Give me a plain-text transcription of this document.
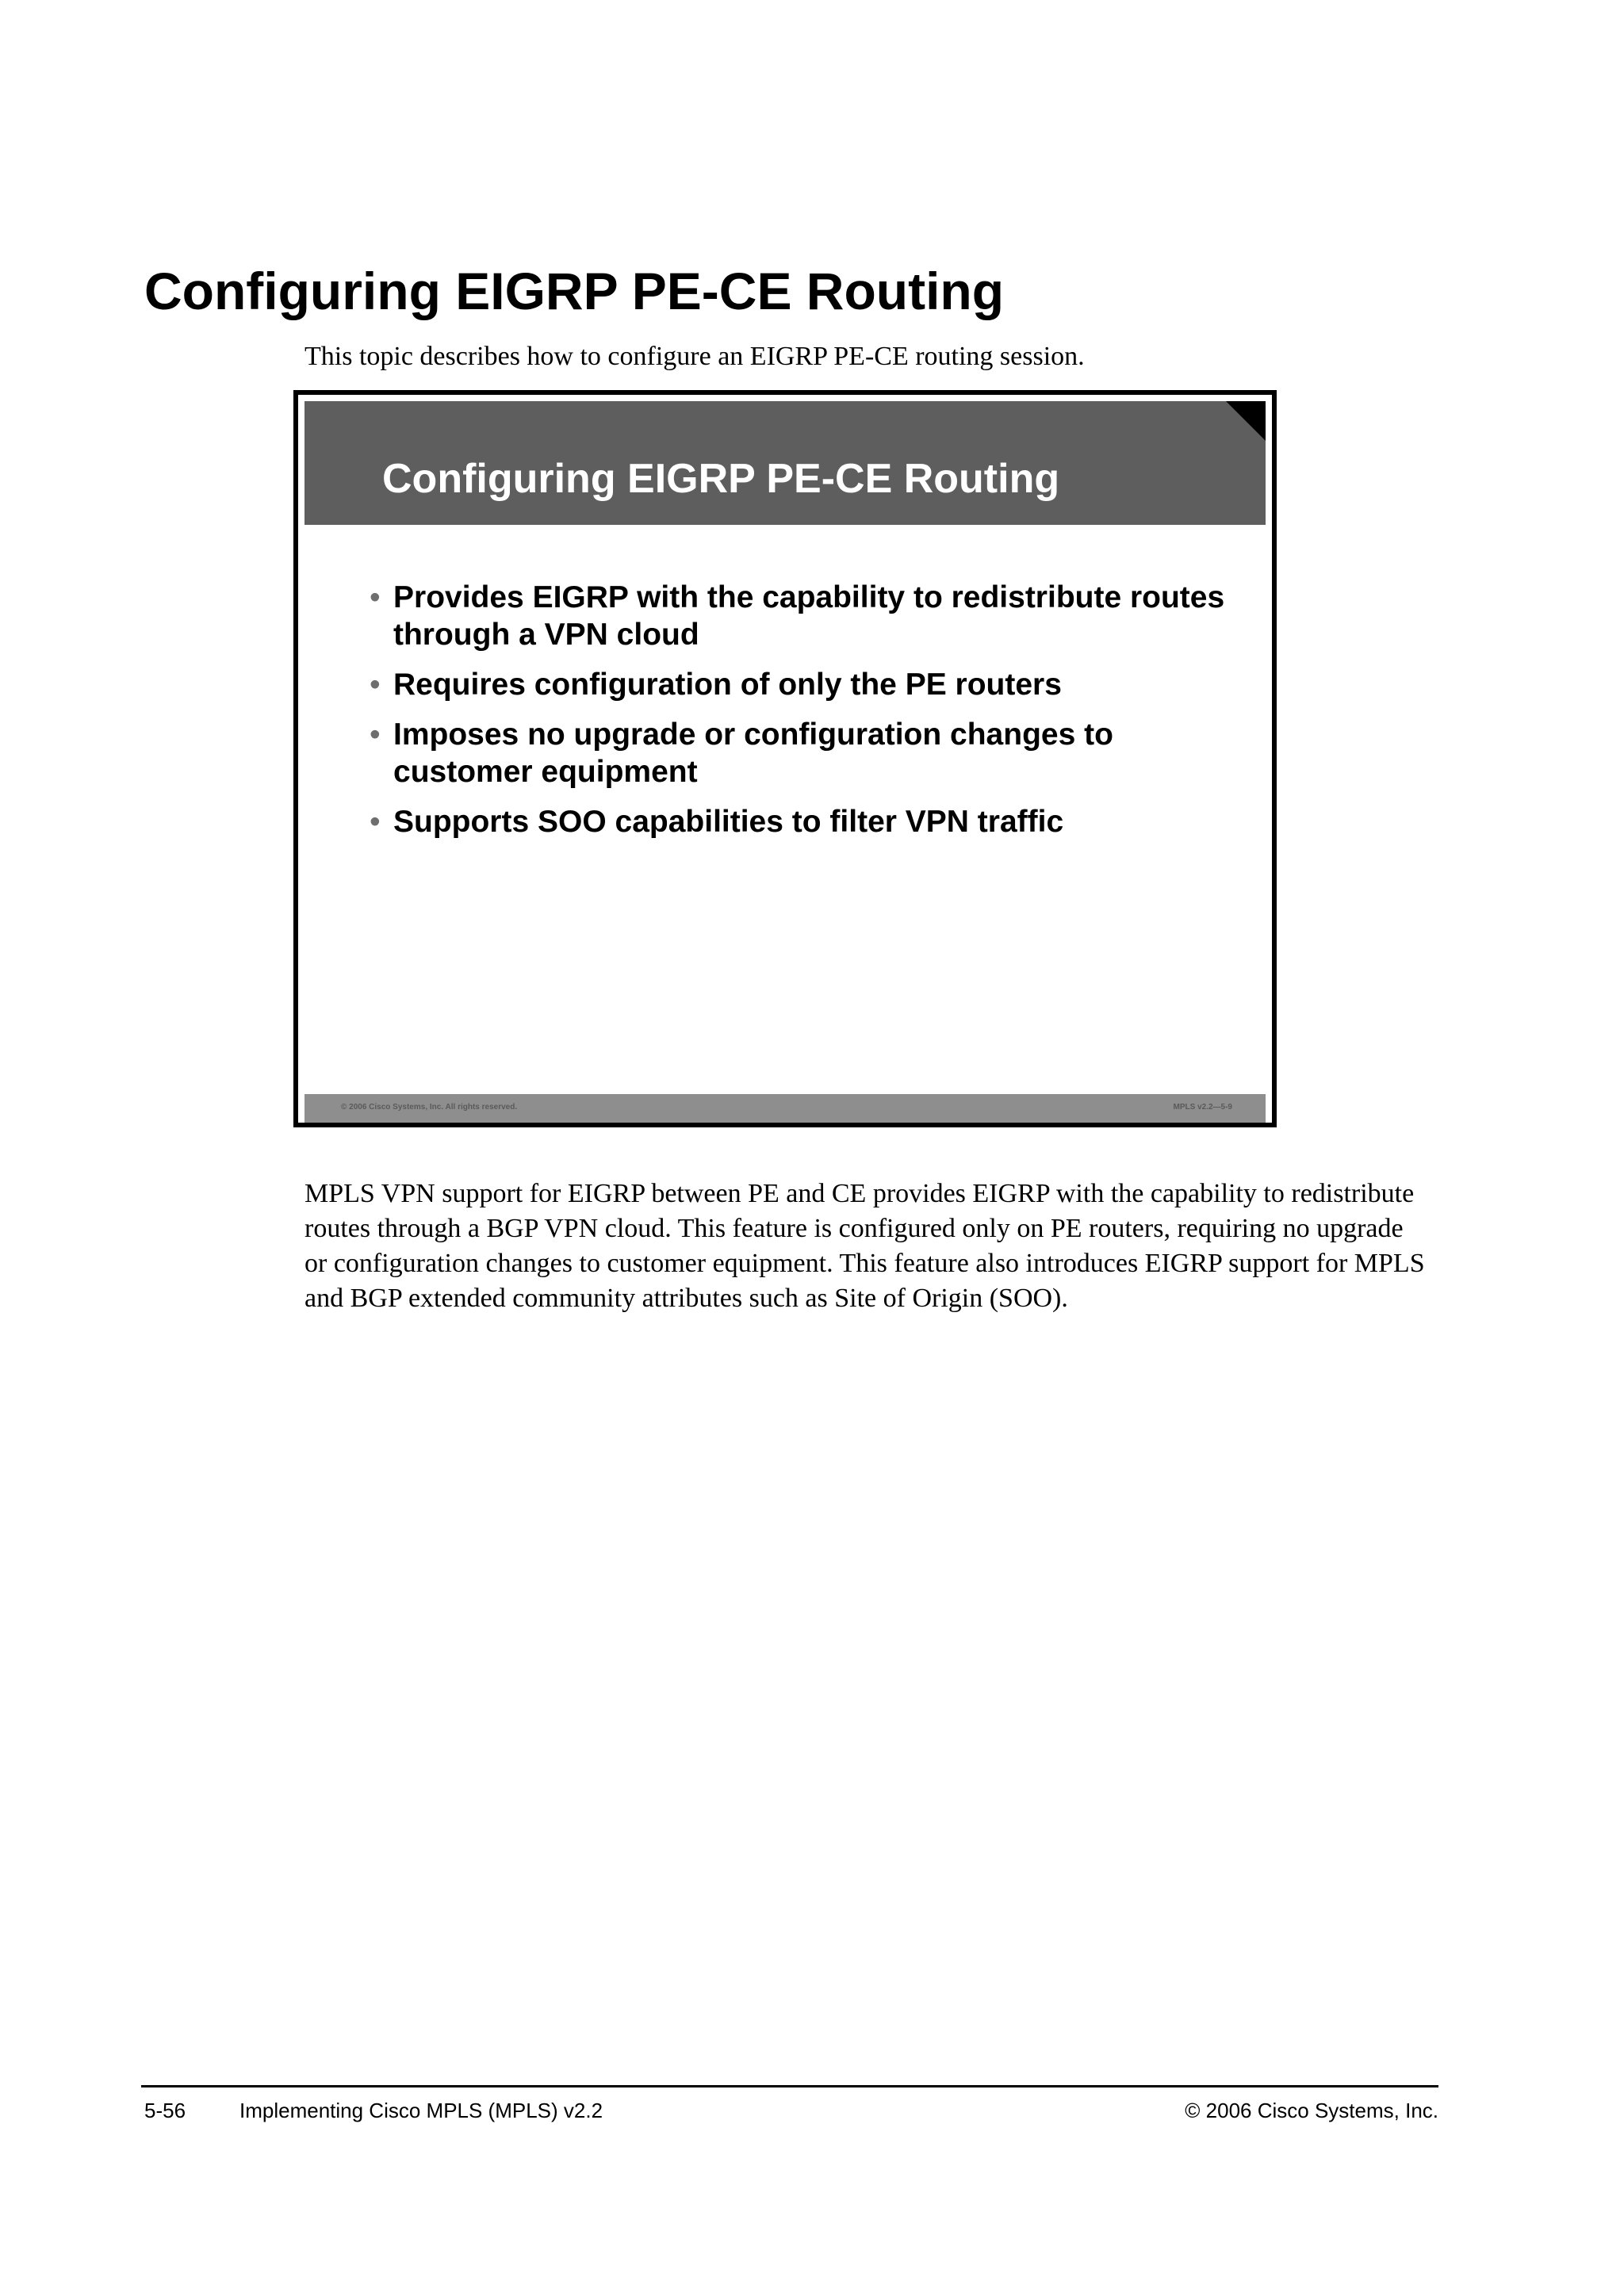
Configuring EIGRP PE-CE Routing

This topic describes how to configure an EIGRP PE-CE routing session.

Configuring EIGRP PE-CE Routing
• Provides EIGRP with the capability to redistribute routes through a VPN cloud
• Requires configuration of only the PE routers
• Imposes no upgrade or configuration changes to customer equipment
• Supports SOO capabilities to filter VPN traffic
© 2006 Cisco Systems, Inc. All rights reserved.	MPLS v2.2—5-9

MPLS VPN support for EIGRP between PE and CE provides EIGRP with the capability to redistribute routes through a BGP VPN cloud. This feature is configured only on PE routers, requiring no upgrade or configuration changes to customer equipment. This feature also introduces EIGRP support for MPLS and BGP extended community attributes such as Site of Origin (SOO).

5-56	Implementing Cisco MPLS (MPLS) v2.2	© 2006 Cisco Systems, Inc.
